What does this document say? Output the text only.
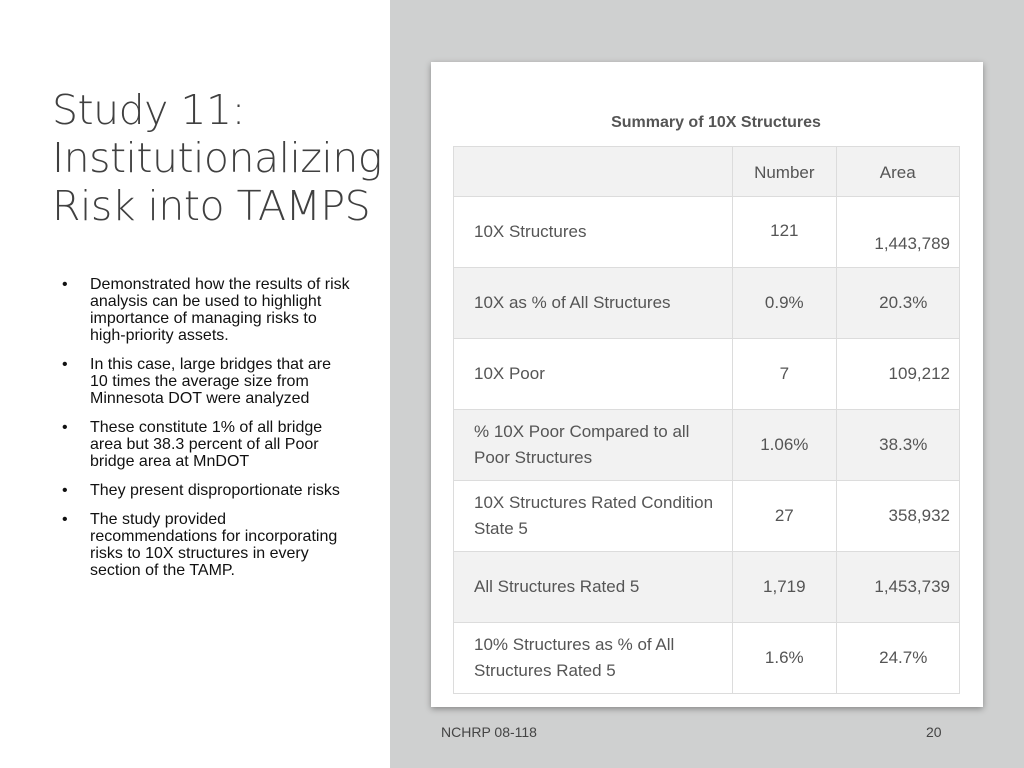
Study 11: Institutionalizing Risk into TAMPS
• Demonstrated how the results of risk analysis can be used to highlight importance of managing risks to high-priority assets.
• In this case, large bridges that are 10 times the average size from Minnesota DOT were analyzed
• These constitute 1% of all bridge area but 38.3 percent of all Poor bridge area at MnDOT
• They present disproportionate risks
• The study provided recommendations for incorporating risks to 10X structures in every section of the TAMP.
Summary of 10X Structures
	Number	Area
10X Structures	121	1,443,789
10X as % of All Structures	0.9%	20.3%
10X Poor	7	109,212
% 10X Poor Compared to all Poor Structures	1.06%	38.3%
10X Structures Rated Condition State 5	27	358,932
All Structures Rated 5	1,719	1,453,739
10% Structures as % of All Structures Rated 5	1.6%	24.7%
NCHRP 08-118	20
